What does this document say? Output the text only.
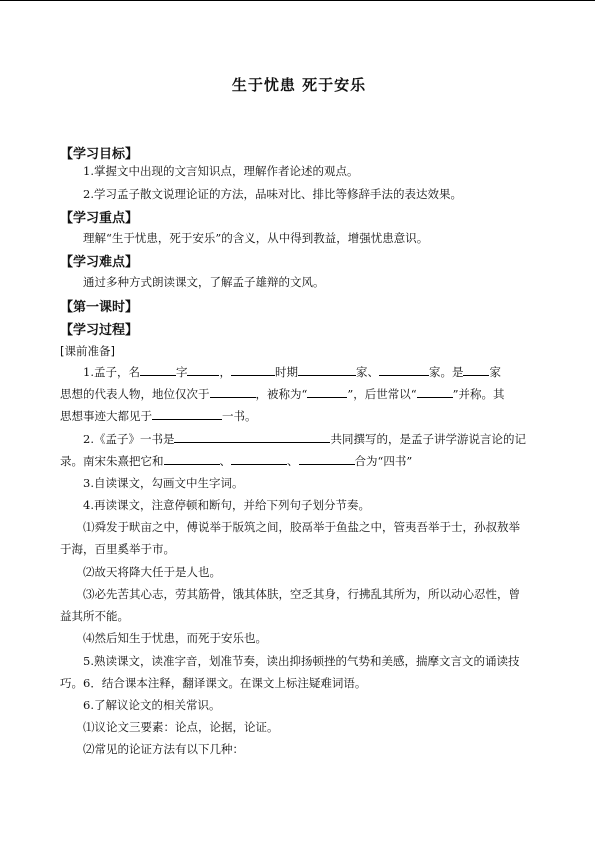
生于忧患 死于安乐
【学习目标】
1.掌握文中出现的文言知识点，理解作者论述的观点。
2.学习孟子散文说理论证的方法，品味对比、排比等修辞手法的表达效果。
【学习重点】
理解“生于忧患，死于安乐”的含义，从中得到教益，增强忧患意识。
【学习难点】
通过多种方式朗读课文，了解孟子雄辩的文风。
【第一课时】
【学习过程】
[课前准备]
1.孟子，名	字	，	时期	家、	家。是 家
思想的代表人物，地位仅次于	，被称为“	”，后世常以“	”并称。其
思想事迹大都见于	一书。
2.《孟子》一书是	共同撰写的，是孟子讲学游说言论的记
录。南宋朱熹把它和	、	、	合为“四书”
3.自读课文，勾画文中生字词。
4.再读课文，注意停顿和断句，并给下列句子划分节奏。
⑴舜发于畎亩之中，傅说举于版筑之间，胶鬲举于鱼盐之中，管夷吾举于士，孙叔敖举
于海，百里奚举于市。
⑵故天将降大任于是人也。
⑶必先苦其心志，劳其筋骨，饿其体肤，空乏其身，行拂乱其所为，所以动心忍性，曾
益其所不能。
⑷然后知生于忧患，而死于安乐也。
5.熟读课文，读准字音，划准节奏，读出抑扬顿挫的气势和美感，揣摩文言文的诵读技
巧。6．结合课本注释，翻译课文。在课文上标注疑难词语。
6.了解议论文的相关常识。
⑴议论文三要素：论点，论据，论证。
⑵常见的论证方法有以下几种：
